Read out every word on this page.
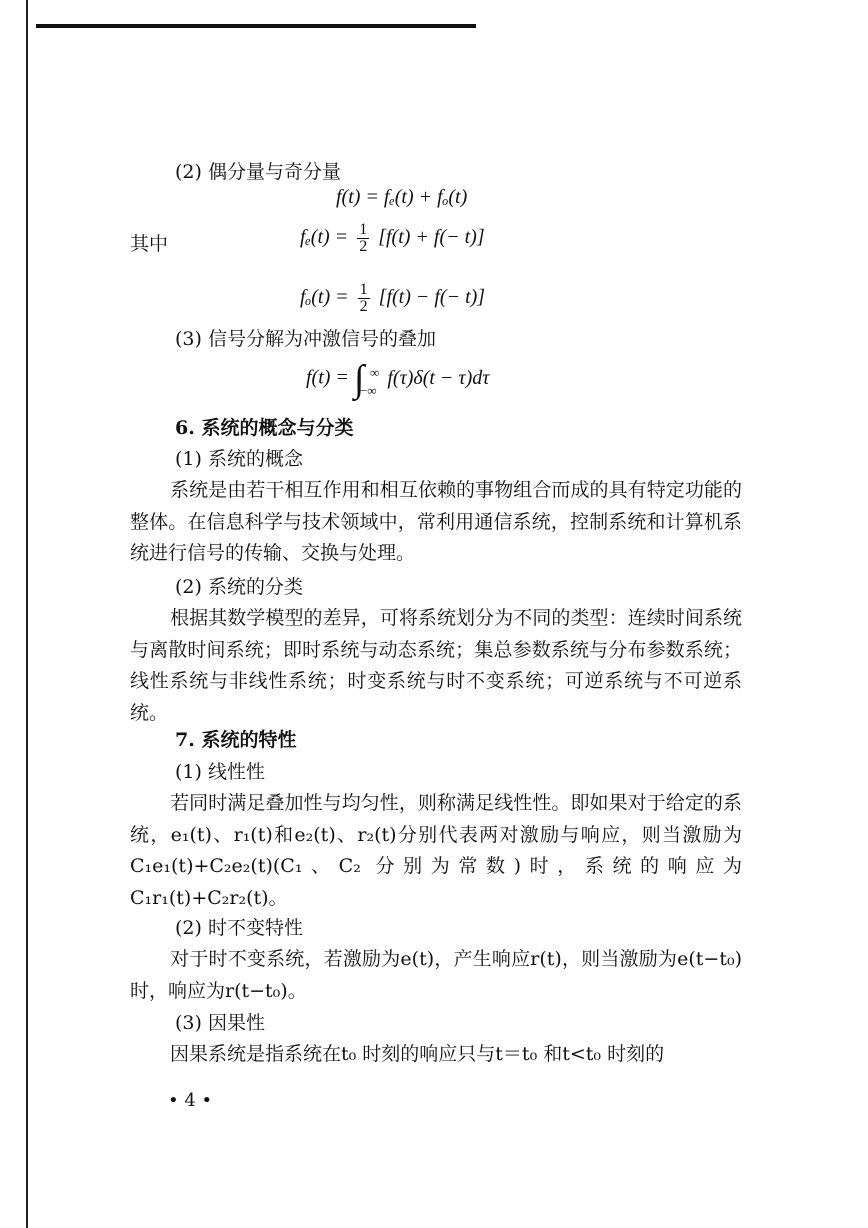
(2) 偶分量与奇分量
f(t) = fₑ(t) + fₒ(t)
其中	$f_e(t) = \frac{1}{2} [f(t) + f(- t)]$
$f_o(t) = \frac{1}{2} [f(t) - f(- t)]$
(3) 信号分解为冲激信号的叠加
f(t) = ∫ ∞
−∞
f(τ)δ(t − τ)dτ
6. 系统的概念与分类
(1) 系统的概念
系统是由若干相互作用和相互依赖的事物组合而成的具有特定功能的整体。在信息科学与技术领域中，常利用通信系统，控制系统和计算机系统进行信号的传输、交换与处理。
(2) 系统的分类
根据其数学模型的差异，可将系统划分为不同的类型：连续时间系统与离散时间系统；即时系统与动态系统；集总参数系统与分布参数系统；线性系统与非线性系统；时变系统与时不变系统；可逆系统与不可逆系统。
7. 系统的特性
(1) 线性性
若同时满足叠加性与均匀性，则称满足线性性。即如果对于给定的系统，e₁(t)、r₁(t)和e₂(t)、r₂(t)分别代表两对激励与响应，则当激励为C₁e₁(t)+C₂e₂(t)(C₁、C₂ 分别为常数)时，系统的响应为C₁r₁(t)+C₂r₂(t)。
(2) 时不变特性
对于时不变系统，若激励为e(t)，产生响应r(t)，则当激励为e(t−t₀)时，响应为r(t−t₀)。
(3) 因果性
因果系统是指系统在t₀ 时刻的响应只与t＝t₀ 和t<t₀ 时刻的
• 4 •
